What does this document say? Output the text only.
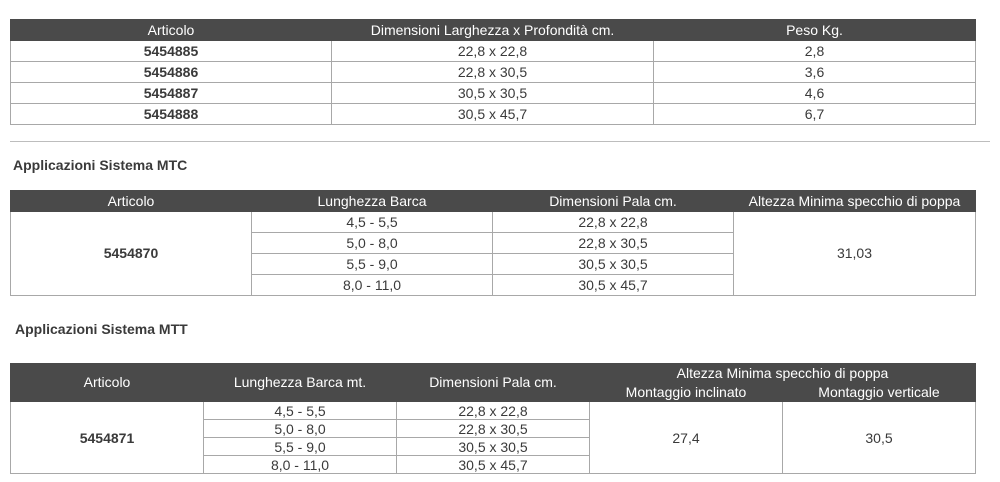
Articolo	Dimensioni Larghezza x Profondità cm.	Peso Kg.
5454885	22,8 x 22,8	2,8
5454886	22,8 x 30,5	3,6
5454887	30,5 x 30,5	4,6
5454888	30,5 x 45,7	6,7

Applicazioni Sistema MTC

Articolo	Lunghezza Barca	Dimensioni Pala cm.	Altezza Minima specchio di poppa
5454870	4,5 - 5,5	22,8 x 22,8	31,03
	5,0 - 8,0	22,8 x 30,5	
	5,5 - 9,0	30,5 x 30,5	
	8,0 - 11,0	30,5 x 45,7	

Applicazioni Sistema MTT

Articolo	Lunghezza Barca mt.	Dimensioni Pala cm.	Altezza Minima specchio di poppa	
			Montaggio inclinato	Montaggio verticale
5454871	4,5 - 5,5	22,8 x 22,8	27,4	30,5
	5,0 - 8,0	22,8 x 30,5		
	5,5 - 9,0	30,5 x 30,5		
	8,0 - 11,0	30,5 x 45,7		
